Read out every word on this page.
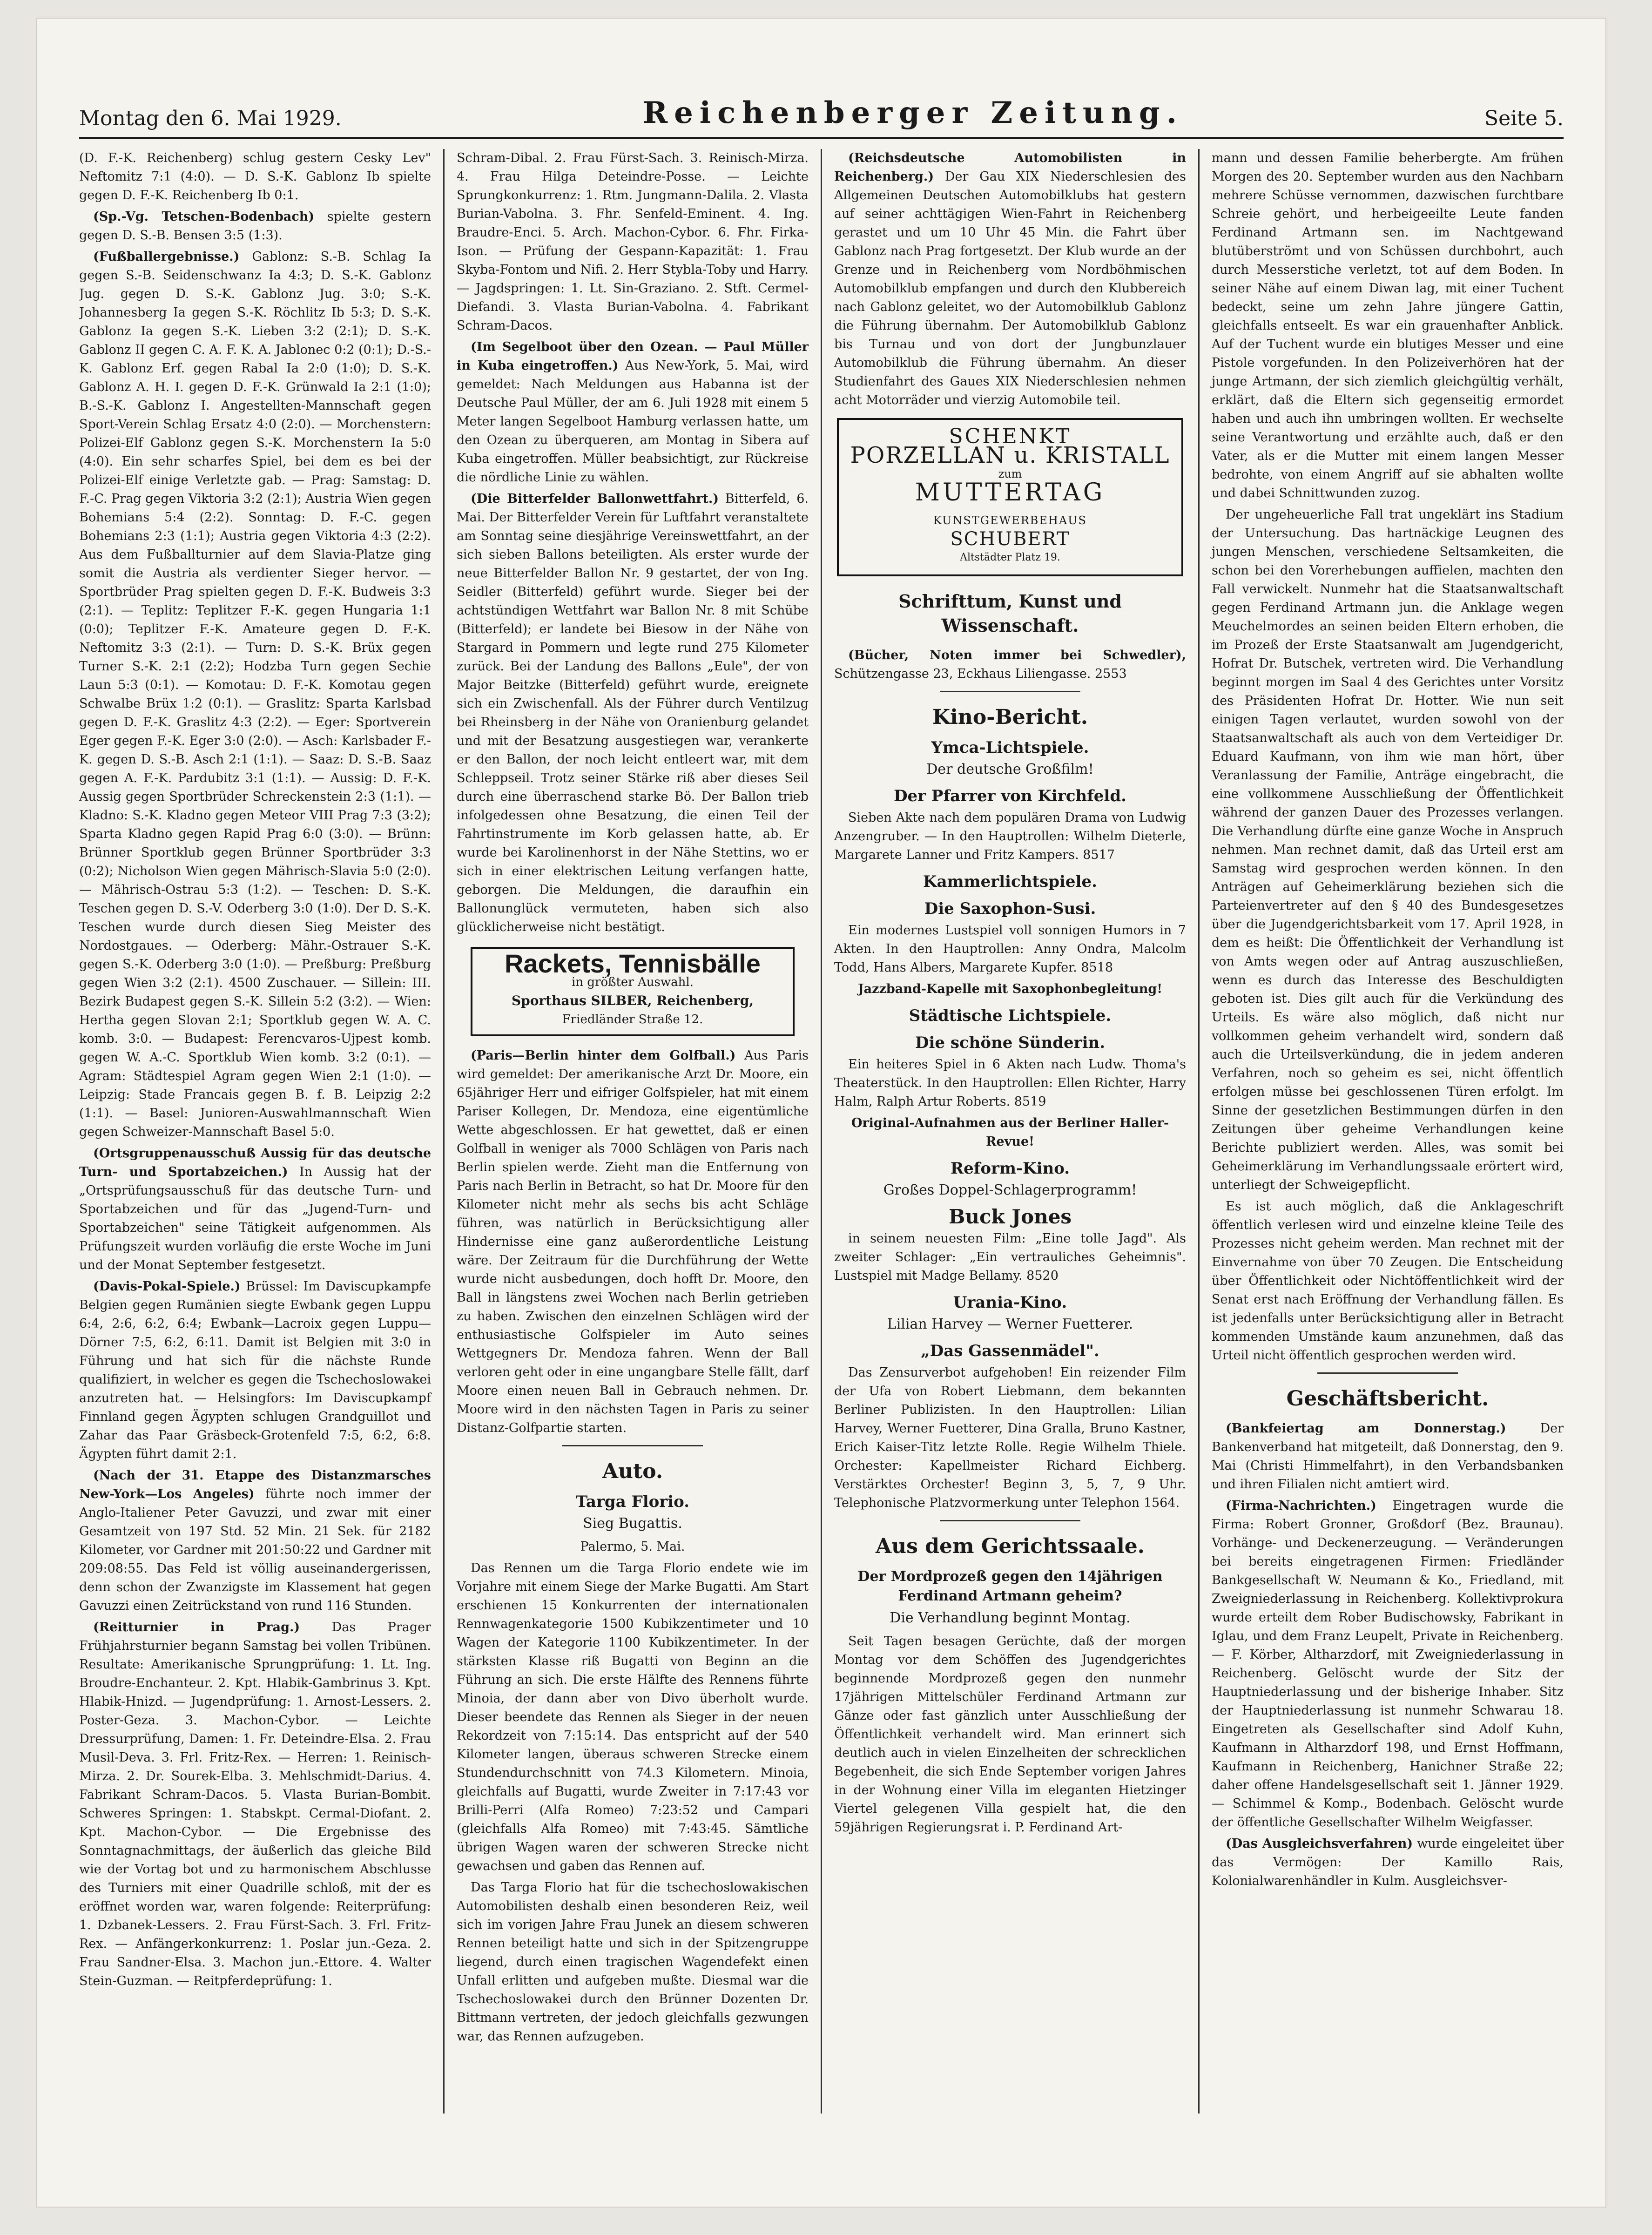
Montag den 6. Mai 1929.	Reichenberger Zeitung.	Seite 5.

(D. F.-K. Reichenberg) schlug gestern Cesky Lev" Neftomitz 7:1 (4:0). — D. S.-K. Gablonz Ib spielte gegen D. F.-K. Reichenberg Ib 0:1.

(Sp.-Vg. Tetschen-Bodenbach) spielte gestern gegen D. S.-B. Bensen 3:5 (1:3).

(Fußballergebnisse.) Gablonz: S.-B. Schlag Ia gegen S.-B. Seidenschwanz Ia 4:3; D. S.-K. Gablonz Jug. gegen D. S.-K. Gablonz Jug. 3:0; S.-K. Johannesberg Ia gegen S.-K. Röchlitz Ib 5:3; D. S.-K. Gablonz Ia gegen S.-K. Lieben 3:2 (2:1); D. S.-K. Gablonz II gegen C. A. F. K. A. Jablonec 0:2 (0:1); D.-S.-K. Gablonz Erf. gegen Rabal Ia 2:0 (1:0); D. S.-K. Gablonz A. H. I. gegen D. F.-K. Grünwald Ia 2:1 (1:0); B.-S.-K. Gablonz I. Angestellten-Mannschaft gegen Sport-Verein Schlag Ersatz 4:0 (2:0). — Morchenstern: Polizei-Elf Gablonz gegen S.-K. Morchenstern Ia 5:0 (4:0). Ein sehr scharfes Spiel, bei dem es bei der Polizei-Elf einige Verletzte gab. — Prag: Samstag: D. F.-C. Prag gegen Viktoria 3:2 (2:1); Austria Wien gegen Bohemians 5:4 (2:2). Sonntag: D. F.-C. gegen Bohemians 2:3 (1:1); Austria gegen Viktoria 4:3 (2:2). Aus dem Fußballturnier auf dem Slavia-Platze ging somit die Austria als verdienter Sieger hervor. — Sportbrüder Prag spielten gegen D. F.-K. Budweis 3:3 (2:1). — Teplitz: Teplitzer F.-K. gegen Hungaria 1:1 (0:0); Teplitzer F.-K. Amateure gegen D. F.-K. Neftomitz 3:3 (2:1). — Turn: D. S.-K. Brüx gegen Turner S.-K. 2:1 (2:2); Hodzba Turn gegen Sechie Laun 5:3 (0:1). — Komotau: D. F.-K. Komotau gegen Schwalbe Brüx 1:2 (0:1). — Graslitz: Sparta Karlsbad gegen D. F.-K. Graslitz 4:3 (2:2). — Eger: Sportverein Eger gegen F.-K. Eger 3:0 (2:0). — Asch: Karlsbader F.-K. gegen D. S.-B. Asch 2:1 (1:1). — Saaz: D. S.-B. Saaz gegen A. F.-K. Pardubitz 3:1 (1:1). — Aussig: D. F.-K. Aussig gegen Sportbrüder Schreckenstein 2:3 (1:1). — Kladno: S.-K. Kladno gegen Meteor VIII Prag 7:3 (3:2); Sparta Kladno gegen Rapid Prag 6:0 (3:0). — Brünn: Brünner Sportklub gegen Brünner Sportbrüder 3:3 (0:2); Nicholson Wien gegen Mährisch-Slavia 5:0 (2:0). — Mährisch-Ostrau 5:3 (1:2). — Teschen: D. S.-K. Teschen gegen D. S.-V. Oderberg 3:0 (1:0). Der D. S.-K. Teschen wurde durch diesen Sieg Meister des Nordostgaues. — Oderberg: Mähr.-Ostrauer S.-K. gegen S.-K. Oderberg 3:0 (1:0). — Preßburg: Preßburg gegen Wien 3:2 (2:1). 4500 Zuschauer. — Sillein: III. Bezirk Budapest gegen S.-K. Sillein 5:2 (3:2). — Wien: Hertha gegen Slovan 2:1; Sportklub gegen W. A. C. komb. 3:0. — Budapest: Ferencvaros-Ujpest komb. gegen W. A.-C. Sportklub Wien komb. 3:2 (0:1). — Agram: Städtespiel Agram gegen Wien 2:1 (1:0). — Leipzig: Stade Francais gegen B. f. B. Leipzig 2:2 (1:1). — Basel: Junioren-Auswahlmannschaft Wien gegen Schweizer-Mannschaft Basel 5:0.

(Ortsgruppenausschuß Aussig für das deutsche Turn- und Sportabzeichen.) In Aussig hat der „Ortsprüfungsausschuß für das deutsche Turn- und Sportabzeichen und für das „Jugend-Turn- und Sportabzeichen" seine Tätigkeit aufgenommen. Als Prüfungszeit wurden vorläufig die erste Woche im Juni und der Monat September festgesetzt.

(Davis-Pokal-Spiele.) Brüssel: Im Daviscupkampfe Belgien gegen Rumänien siegte Ewbank gegen Luppu 6:4, 2:6, 6:2, 6:4; Ewbank—Lacroix gegen Luppu—Dörner 7:5, 6:2, 6:11. Damit ist Belgien mit 3:0 in Führung und hat sich für die nächste Runde qualifiziert, in welcher es gegen die Tschechoslowakei anzutreten hat. — Helsingfors: Im Daviscupkampf Finnland gegen Ägypten schlugen Grandguillot und Zahar das Paar Gräsbeck-Grotenfeld 7:5, 6:2, 6:8. Ägypten führt damit 2:1.

(Nach der 31. Etappe des Distanzmarsches New-York—Los Angeles) führte noch immer der Anglo-Italiener Peter Gavuzzi, und zwar mit einer Gesamtzeit von 197 Std. 52 Min. 21 Sek. für 2182 Kilometer, vor Gardner mit 201:50:22 und Gardner mit 209:08:55. Das Feld ist völlig auseinandergerissen, denn schon der Zwanzigste im Klassement hat gegen Gavuzzi einen Zeitrückstand von rund 116 Stunden.

(Reitturnier in Prag.)	Das Prager Frühjahrsturnier begann Samstag bei vollen Tribünen. Resultate: Amerikanische Sprungprüfung: 1. Lt. Ing. Broudre-Enchanteur. 2. Kpt. Hlabik-Gambrinus 3. Kpt. Hlabik-Hnizd. — Jugendprüfung: 1. Arnost-Lessers. 2. Poster-Geza. 3. Machon-Cybor. — Leichte Dressurprüfung, Damen: 1. Fr. Deteindre-Elsa. 2. Frau Musil-Deva. 3. Frl. Fritz-Rex. — Herren: 1. Reinisch-Mirza. 2. Dr. Sourek-Elba. 3. Mehlschmidt-Darius. 4. Fabrikant Schram-Dacos. 5. Vlasta Burian-Bombit. Schweres Springen: 1. Stabskpt. Cermal-Diofant. 2. Kpt. Machon-Cybor. — Die Ergebnisse des Sonntagnachmittags, der äußerlich das gleiche Bild wie der Vortag bot und zu harmonischem Abschlusse des Turniers mit einer Quadrille schloß, mit der es eröffnet worden war, waren folgende: Reiterprüfung: 1. Dzbanek-Lessers. 2. Frau Fürst-Sach. 3. Frl. Fritz-Rex. — Anfängerkonkurrenz: 1. Poslar jun.-Geza. 2. Frau Sandner-Elsa. 3. Machon jun.-Ettore. 4. Walter Stein-Guzman. — Reitpferdeprüfung: 1.

Schram-Dibal. 2. Frau Fürst-Sach. 3. Reinisch-Mirza. 4. Frau Hilga Deteindre-Posse. — Leichte Sprungkonkurrenz: 1. Rtm. Jungmann-Dalila. 2. Vlasta Burian-Vabolna. 3. Fhr. Senfeld-Eminent. 4. Ing. Braudre-Enci. 5. Arch. Machon-Cybor. 6. Fhr. Firka-Ison. — Prüfung der Gespann-Kapazität: 1. Frau Skyba-Fontom und Nifi. 2. Herr Stybla-Toby und Harry. — Jagdspringen: 1. Lt. Sin-Graziano. 2. Stft. Cermel-Diefandi. 3. Vlasta Burian-Vabolna. 4. Fabrikant Schram-Dacos.

(Im Segelboot über den Ozean. — Paul Müller in Kuba eingetroffen.) Aus New-York, 5. Mai, wird gemeldet: Nach Meldungen aus Habanna ist der Deutsche Paul Müller, der am 6. Juli 1928 mit einem 5 Meter langen Segelboot Hamburg verlassen hatte, um den Ozean zu überqueren, am Montag in Sibera auf Kuba eingetroffen. Müller beabsichtigt, zur Rückreise die nördliche Linie zu wählen.

(Die Bitterfelder Ballonwettfahrt.) Bitterfeld, 6. Mai. Der Bitterfelder Verein für Luftfahrt veranstaltete am Sonntag seine diesjährige Vereinswettfahrt, an der sich sieben Ballons beteiligten. Als erster wurde der neue Bitterfelder Ballon Nr. 9 gestartet, der von Ing. Seidler (Bitterfeld) geführt wurde. Sieger bei der achtstündigen Wettfahrt war Ballon Nr. 8 mit Schübe (Bitterfeld); er landete bei Biesow in der Nähe von Stargard in Pommern und legte rund 275 Kilometer zurück. Bei der Landung des Ballons „Eule", der von Major Beitzke (Bitterfeld) geführt wurde, ereignete sich ein Zwischenfall. Als der Führer durch Ventilzug bei Rheinsberg in der Nähe von Oranienburg gelandet und mit der Besatzung ausgestiegen war, verankerte er den Ballon, der noch leicht entleert war, mit dem Schleppseil. Trotz seiner Stärke riß aber dieses Seil durch eine überraschend starke Bö. Der Ballon trieb infolgedessen ohne Besatzung, die einen Teil der Fahrtinstrumente im Korb gelassen hatte, ab. Er wurde bei Karolinenhorst in der Nähe Stettins, wo er sich in einer elektrischen Leitung verfangen hatte, geborgen. Die Meldungen, die daraufhin ein Ballonunglück vermuteten, haben sich also glücklicherweise nicht bestätigt.

Rackets, Tennisbälle
in größter Auswahl.
Sporthaus SILBER, Reichenberg,
Friedländer Straße 12.

(Paris—Berlin hinter dem Golfball.) Aus Paris wird gemeldet: Der amerikanische Arzt Dr. Moore, ein 65jähriger Herr und eifriger Golfspieler, hat mit einem Pariser Kollegen, Dr. Mendoza, eine eigentümliche Wette abgeschlossen. Er hat gewettet, daß er einen Golfball in weniger als 7000 Schlägen von Paris nach Berlin spielen werde. Zieht man die Entfernung von Paris nach Berlin in Betracht, so hat Dr. Moore für den Kilometer nicht mehr als sechs bis acht Schläge führen, was natürlich in Berücksichtigung aller Hindernisse eine ganz außerordentliche Leistung wäre. Der Zeitraum für die Durchführung der Wette wurde nicht ausbedungen, doch hofft Dr. Moore, den Ball in längstens zwei Wochen nach Berlin getrieben zu haben. Zwischen den einzelnen Schlägen wird der enthusiastische Golfspieler im Auto seines Wettgegners Dr. Mendoza fahren. Wenn der Ball verloren geht oder in eine ungangbare Stelle fällt, darf Moore einen neuen Ball in Gebrauch nehmen. Dr. Moore wird in den nächsten Tagen in Paris zu seiner Distanz-Golfpartie starten.

Auto.
Targa Florio.
Sieg Bugattis.

Palermo, 5. Mai.

Das Rennen um die Targa Florio endete wie im Vorjahre mit einem Siege der Marke Bugatti. Am Start erschienen 15 Konkurrenten der internationalen Rennwagenkategorie 1500 Kubikzentimeter und 10 Wagen der Kategorie 1100 Kubikzentimeter. In der stärksten Klasse riß Bugatti von Beginn an die Führung an sich. Die erste Hälfte des Rennens führte Minoia, der dann aber von Divo überholt wurde. Dieser beendete das Rennen als Sieger in der neuen Rekordzeit von 7:15:14. Das entspricht auf der 540 Kilometer langen, überaus schweren Strecke einem Stundendurchschnitt von 74.3 Kilometern. Minoia, gleichfalls auf Bugatti, wurde Zweiter in 7:17:43 vor Brilli-Perri (Alfa Romeo) 7:23:52 und Campari (gleichfalls Alfa Romeo) mit 7:43:45. Sämtliche übrigen Wagen waren der schweren Strecke nicht gewachsen und gaben das Rennen auf.

Das Targa Florio hat für die tschechoslowakischen Automobilisten deshalb einen besonderen Reiz, weil sich im vorigen Jahre Frau Junek an diesem schweren Rennen beteiligt hatte und sich in der Spitzengruppe liegend, durch einen tragischen Wagendefekt einen Unfall erlitten und aufgeben mußte. Diesmal war die Tschechoslowakei durch den Brünner Dozenten Dr. Bittmann vertreten, der jedoch gleichfalls gezwungen war, das Rennen aufzugeben.

(Reichsdeutsche Automobilisten in Reichenberg.) Der Gau XIX Niederschlesien des Allgemeinen Deutschen Automobilklubs hat gestern auf seiner achttägigen Wien-Fahrt in Reichenberg gerastet und um 10 Uhr 45 Min. die Fahrt über Gablonz nach Prag fortgesetzt. Der Klub wurde an der Grenze und in Reichenberg vom Nordböhmischen Automobilklub empfangen und durch den Klubbereich nach Gablonz geleitet, wo der Automobilklub Gablonz die Führung übernahm. Der Automobilklub Gablonz bis Turnau und von dort der Jungbunzlauer Automobilklub die Führung übernahm. An dieser Studienfahrt des Gaues XIX Niederschlesien nehmen acht Motorräder und vierzig Automobile teil.

SCHENKT
PORZELLAN u. KRISTALL
zum
MUTTERTAG
KUNSTGEWERBEHAUS
SCHUBERT
Altstädter Platz 19.
Schrifttum, Kunst und Wissenschaft.

(Bücher, Noten immer bei Schwedler), Schützengasse 23, Eckhaus Liliengasse. 2553

Kino-Bericht.
Ymca-Lichtspiele.
Der deutsche Großfilm!
Der Pfarrer von Kirchfeld.

Sieben Akte nach dem populären Drama von Ludwig Anzengruber. — In den Hauptrollen: Wilhelm Dieterle, Margarete Lanner und Fritz Kampers. 8517

Kammerlichtspiele.
Die Saxophon-Susi.

Ein modernes Lustspiel voll sonnigen Humors in 7 Akten. In den Hauptrollen: Anny Ondra, Malcolm Todd, Hans Albers, Margarete Kupfer. 8518

Jazzband-Kapelle mit Saxophonbegleitung!

Städtische Lichtspiele.
Die schöne Sünderin.

Ein heiteres Spiel in 6 Akten nach Ludw. Thoma's Theaterstück. In den Hauptrollen: Ellen Richter, Harry Halm, Ralph Artur Roberts. 8519

Original-Aufnahmen aus der Berliner Haller-Revue!

Reform-Kino.
Großes Doppel-Schlagerprogramm!
Buck Jones

in seinem neuesten Film: „Eine tolle Jagd". Als zweiter Schlager: „Ein vertrauliches Geheimnis". Lustspiel mit Madge Bellamy. 8520

Urania-Kino.
Lilian Harvey — Werner Fuetterer.
„Das Gassenmädel".

Das Zensurverbot aufgehoben! Ein reizender Film der Ufa von Robert Liebmann, dem bekannten Berliner Publizisten. In den Hauptrollen: Lilian Harvey, Werner Fuetterer, Dina Gralla, Bruno Kastner, Erich Kaiser-Titz letzte Rolle. Regie Wilhelm Thiele. Orchester: Kapellmeister Richard Eichberg. Verstärktes Orchester! Beginn 3, 5, 7, 9 Uhr. Telephonische Platzvormerkung unter Telephon 1564.

Aus dem Gerichtssaale.
Der Mordprozeß gegen den 14jährigen Ferdinand Artmann geheim?
Die Verhandlung beginnt Montag.

Seit Tagen besagen Gerüchte, daß der morgen Montag vor dem Schöffen des Jugendgerichtes beginnende Mordprozeß gegen den nunmehr 17jährigen Mittelschüler Ferdinand Artmann zur Gänze oder fast gänzlich unter Ausschließung der Öffentlichkeit verhandelt wird. Man erinnert sich deutlich auch in vielen Einzelheiten der schrecklichen Begebenheit, die sich Ende September vorigen Jahres in der Wohnung einer Villa im eleganten Hietzinger Viertel gelegenen Villa gespielt hat, die den 59jährigen Regierungsrat i. P. Ferdinand Art-

mann und dessen Familie beherbergte. Am frühen Morgen des 20. September wurden aus den Nachbarn mehrere Schüsse vernommen, dazwischen furchtbare Schreie gehört, und herbeigeeilte Leute fanden Ferdinand Artmann sen. im Nachtgewand blutüberströmt und von Schüssen durchbohrt, auch durch Messerstiche verletzt, tot auf dem Boden. In seiner Nähe auf einem Diwan lag, mit einer Tuchent bedeckt, seine um zehn Jahre jüngere Gattin, gleichfalls entseelt. Es war ein grauenhafter Anblick. Auf der Tuchent wurde ein blutiges Messer und eine Pistole vorgefunden. In den Polizeiverhören hat der junge Artmann, der sich ziemlich gleichgültig verhält, erklärt, daß die Eltern sich gegenseitig ermordet haben und auch ihn umbringen wollten. Er wechselte seine Verantwortung und erzählte auch, daß er den Vater, als er die Mutter mit einem langen Messer bedrohte, von einem Angriff auf sie abhalten wollte und dabei Schnittwunden zuzog.

Der ungeheuerliche Fall trat ungeklärt ins Stadium der Untersuchung. Das hartnäckige Leugnen des jungen Menschen, verschiedene Seltsamkeiten, die schon bei den Vorerhebungen auffielen, machten den Fall verwickelt. Nunmehr hat die Staatsanwaltschaft gegen Ferdinand Artmann jun. die Anklage wegen Meuchelmordes an seinen beiden Eltern erhoben, die im Prozeß der Erste Staatsanwalt am Jugendgericht, Hofrat Dr. Butschek, vertreten wird. Die Verhandlung beginnt morgen im Saal 4 des Gerichtes unter Vorsitz des Präsidenten Hofrat Dr. Hotter. Wie nun seit einigen Tagen verlautet, wurden sowohl von der Staatsanwaltschaft als auch von dem Verteidiger Dr. Eduard Kaufmann, von ihm wie man hört, über Veranlassung der Familie, Anträge eingebracht, die eine vollkommene Ausschließung der Öffentlichkeit während der ganzen Dauer des Prozesses verlangen. Die Verhandlung dürfte eine ganze Woche in Anspruch nehmen. Man rechnet damit, daß das Urteil erst am Samstag wird gesprochen werden können. In den Anträgen auf Geheimerklärung beziehen sich die Parteienvertreter auf den § 40 des Bundesgesetzes über die Jugendgerichtsbarkeit vom 17. April 1928, in dem es heißt: Die Öffentlichkeit der Verhandlung ist von Amts wegen oder auf Antrag auszuschließen, wenn es durch das Interesse des Beschuldigten geboten ist. Dies gilt auch für die Verkündung des Urteils. Es wäre also möglich, daß nicht nur vollkommen geheim verhandelt wird, sondern daß auch die Urteilsverkündung, die in jedem anderen Verfahren, noch so geheim es sei, nicht öffentlich erfolgen müsse bei geschlossenen Türen erfolgt. Im Sinne der gesetzlichen Bestimmungen dürfen in den Zeitungen über geheime Verhandlungen keine Berichte publiziert werden. Alles, was somit bei Geheimerklärung im Verhandlungssaale erörtert wird, unterliegt der Schweigepflicht.

Es ist auch möglich, daß die Anklageschrift öffentlich verlesen wird und einzelne kleine Teile des Prozesses nicht geheim werden. Man rechnet mit der Einvernahme von über 70 Zeugen. Die Entscheidung über Öffentlichkeit oder Nichtöffentlichkeit wird der Senat erst nach Eröffnung der Verhandlung fällen. Es ist jedenfalls unter Berücksichtigung aller in Betracht kommenden Umstände kaum anzunehmen, daß das Urteil nicht öffentlich gesprochen werden wird.

Geschäftsbericht.

(Bankfeiertag am Donnerstag.)	Der Bankenverband hat mitgeteilt, daß Donnerstag, den 9. Mai (Christi Himmelfahrt), in den Verbandsbanken und ihren Filialen nicht amtiert wird.

(Firma-Nachrichten.) Eingetragen wurde die Firma: Robert Gronner, Großdorf (Bez. Braunau). Vorhänge- und Deckenerzeugung. — Veränderungen bei bereits eingetragenen Firmen: Friedländer Bankgesellschaft W. Neumann & Ko., Friedland, mit Zweigniederlassung in Reichenberg. Kollektivprokura wurde erteilt dem Rober Budischowsky, Fabrikant in Iglau, und dem Franz Leupelt, Private in Reichenberg. — F. Körber, Altharzdorf, mit Zweigniederlassung in Reichenberg. Gelöscht wurde der Sitz der Hauptniederlassung und der bisherige Inhaber. Sitz der Hauptniederlassung ist nunmehr Schwarau 18. Eingetreten als Gesellschafter sind Adolf Kuhn, Kaufmann in Altharzdorf 198, und Ernst Hoffmann, Kaufmann in Reichenberg, Hanichner Straße 22; daher offene Handelsgesellschaft seit 1. Jänner 1929. — Schimmel & Komp., Bodenbach. Gelöscht wurde der öffentliche Gesellschafter Wilhelm Weigfasser.

(Das Ausgleichsverfahren) wurde eingeleitet über das Vermögen: Der Kamillo Rais, Kolonialwarenhändler in Kulm. Ausgleichsver-
